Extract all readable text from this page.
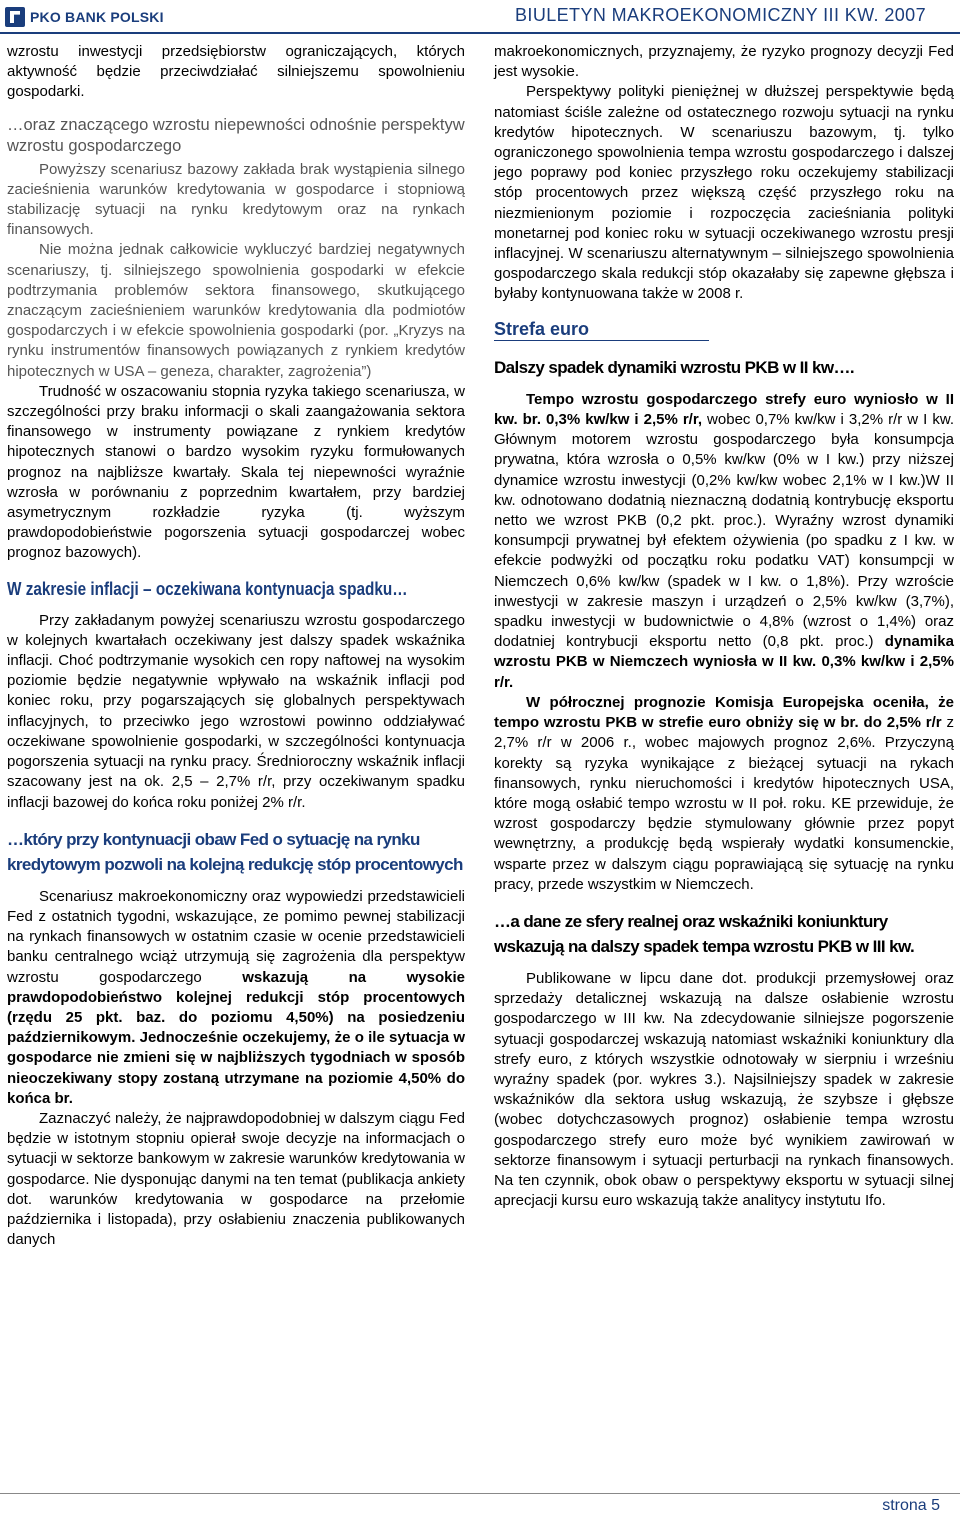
PKO BANK POLSKI	BIULETYN MAKROEKONOMICZNY III KW. 2007

wzrostu inwestycji przedsiębiorstw ograniczających, których aktywność będzie przeciwdziałać silniejszemu spowolnieniu gospodarki.

…oraz znaczącego wzrostu niepewności odnośnie perspektyw wzrostu gospodarczego

Powyższy scenariusz bazowy zakłada brak wystąpienia silnego zacieśnienia warunków kredytowania w gospodarce i stopniową stabilizację sytuacji na rynku kredytowym oraz na rynkach finansowych.

Nie można jednak całkowicie wykluczyć bardziej negatywnych scenariuszy, tj. silniejszego spowolnienia gospodarki w efekcie podtrzymania problemów sektora finansowego, skutkującego znaczącym zacieśnieniem warunków kredytowania dla podmiotów gospodarczych i w efekcie spowolnienia gospodarki (por. „Kryzys na rynku instrumentów finansowych powiązanych z rynkiem kredytów hipotecznych w USA – geneza, charakter, zagrożenia”)

Trudność w oszacowaniu stopnia ryzyka takiego scenariusza, w szczególności przy braku informacji o skali zaangażowania sektora finansowego w instrumenty powiązane z rynkiem kredytów hipotecznych stanowi o bardzo wysokim ryzyku formułowanych prognoz na najbliższe kwartały. Skala tej niepewności wyraźnie wzrosła w porównaniu z poprzednim kwartałem, przy bardziej asymetrycznym rozkładzie ryzyka (tj. wyższym prawdopodobieństwie pogorszenia sytuacji gospodarczej wobec prognoz bazowych).

W zakresie inflacji – oczekiwana kontynuacja spadku…

Przy zakładanym powyżej scenariuszu wzrostu gospodarczego w kolejnych kwartałach oczekiwany jest dalszy spadek wskaźnika inflacji. Choć podtrzymanie wysokich cen ropy naftowej na wysokim poziomie będzie negatywnie wpływało na wskaźnik inflacji pod koniec roku, przy pogarszających się globalnych perspektywach inflacyjnych, to przeciwko jego wzrostowi powinno oddziaływać oczekiwane spowolnienie gospodarki, w szczególności kontynuacja pogorszenia sytuacji na rynku pracy. Średnioroczny wskaźnik inflacji szacowany jest na ok. 2,5 – 2,7% r/r, przy oczekiwanym spadku inflacji bazowej do końca roku poniżej 2% r/r.

…który przy kontynuacji obaw Fed o sytuację na rynku kredytowym pozwoli na kolejną redukcję stóp procentowych

Scenariusz makroekonomiczny oraz wypowiedzi przedstawicieli Fed z ostatnich tygodni, wskazujące, ze pomimo pewnej stabilizacji na rynkach finansowych w ostatnim czasie w ocenie przedstawicieli banku centralnego wciąż utrzymują się zagrożenia dla perspektyw wzrostu gospodarczego wskazują na wysokie prawdopodobieństwo kolejnej redukcji stóp procentowych (rzędu 25 pkt. baz. do poziomu 4,50%) na posiedzeniu październikowym. Jednocześnie oczekujemy, że o ile sytuacja w gospodarce nie zmieni się w najbliższych tygodniach w sposób nieoczekiwany stopy zostaną utrzymane na poziomie 4,50% do końca br.

Zaznaczyć należy, że najprawdopodobniej w dalszym ciągu Fed będzie w istotnym stopniu opierał swoje decyzje na informacjach o sytuacji w sektorze bankowym w zakresie warunków kredytowania w gospodarce. Nie dysponując danymi na ten temat (publikacja ankiety dot. warunków kredytowania w gospodarce na przełomie października i listopada), przy osłabieniu znaczenia publikowanych danych

makroekonomicznych, przyznajemy, że ryzyko prognozy decyzji Fed jest wysokie.

Perspektywy polityki pieniężnej w dłuższej perspektywie będą natomiast ściśle zależne od ostatecznego rozwoju sytuacji na rynku kredytów hipotecznych. W scenariuszu bazowym, tj. tylko ograniczonego spowolnienia tempa wzrostu gospodarczego i dalszej jego poprawy pod koniec przyszłego roku oczekujemy stabilizacji stóp procentowych przez większą część przyszłego roku na niezmienionym poziomie i rozpoczęcia zacieśniania polityki monetarnej pod koniec roku w sytuacji oczekiwanego wzrostu presji inflacyjnej. W scenariuszu alternatywnym – silniejszego spowolnienia gospodarczego skala redukcji stóp okazałaby się zapewne głębsza i byłaby kontynuowana także w 2008 r.

Strefa euro
Dalszy spadek dynamiki wzrostu PKB w II kw….

Tempo wzrostu gospodarczego strefy euro wyniosło w II kw. br. 0,3% kw/kw i 2,5% r/r, wobec 0,7% kw/kw i 3,2% r/r w I kw. Głównym motorem wzrostu gospodarczego była konsumpcja prywatna, która wzrosła o 0,5% kw/kw (0% w I kw.) przy niższej dynamice wzrostu inwestycji (0,2% kw/kw wobec 2,1% w I kw.)W II kw. odnotowano dodatnią nieznaczną dodatnią kontrybucję eksportu netto we wzrost PKB (0,2 pkt. proc.). Wyraźny wzrost dynamiki konsumpcji prywatnej był efektem ożywienia (po spadku z I kw. w efekcie podwyżki od początku roku podatku VAT) konsumpcji w Niemczech 0,6% kw/kw (spadek w I kw. o 1,8%). Przy wzroście inwestycji w zakresie maszyn i urządzeń o 2,5% kw/kw (3,7%), spadku inwestycji w budownictwie o 4,8% (wzrost o 1,4%) oraz dodatniej kontrybucji eksportu netto (0,8 pkt. proc.) dynamika wzrostu PKB w Niemczech wyniosła w II kw. 0,3% kw/kw i 2,5% r/r.

W półrocznej prognozie Komisja Europejska oceniła, że tempo wzrostu PKB w strefie euro obniży się w br. do 2,5% r/r z 2,7% r/r w 2006 r., wobec majowych prognoz 2,6%. Przyczyną korekty są ryzyka wynikające z bieżącej sytuacji na rykach finansowych, rynku nieruchomości i kredytów hipotecznych USA, które mogą osłabić tempo wzrostu w II poł. roku. KE przewiduje, że wzrost gospodarczy będzie stymulowany głównie przez popyt wewnętrzny, a produkcję będą wspierały wydatki konsumenckie, wsparte przez w dalszym ciągu poprawiającą się sytuację na rynku pracy, przede wszystkim w Niemczech.

…a dane ze sfery realnej oraz wskaźniki koniunktury wskazują na dalszy spadek tempa wzrostu PKB w III kw.

Publikowane w lipcu dane dot. produkcji przemysłowej oraz sprzedaży detalicznej wskazują na dalsze osłabienie wzrostu gospodarczego w III kw. Na zdecydowanie silniejsze pogorszenie sytuacji gospodarczej wskazują natomiast wskaźniki koniunktury dla strefy euro, z których wszystkie odnotowały w sierpniu i wrześniu wyraźny spadek (por. wykres 3.). Najsilniejszy spadek w zakresie wskaźników dla sektora usług wskazują, że szybsze i głębsze (wobec dotychczasowych prognoz) osłabienie tempa wzrostu gospodarczego strefy euro może być wynikiem zawirowań w sektorze finansowym i sytuacji perturbacji na rynkach finansowych. Na ten czynnik, obok obaw o perspektywy eksportu w sytuacji silnej aprecjacji kursu euro wskazują także analitycy instytutu Ifo.

strona 5
